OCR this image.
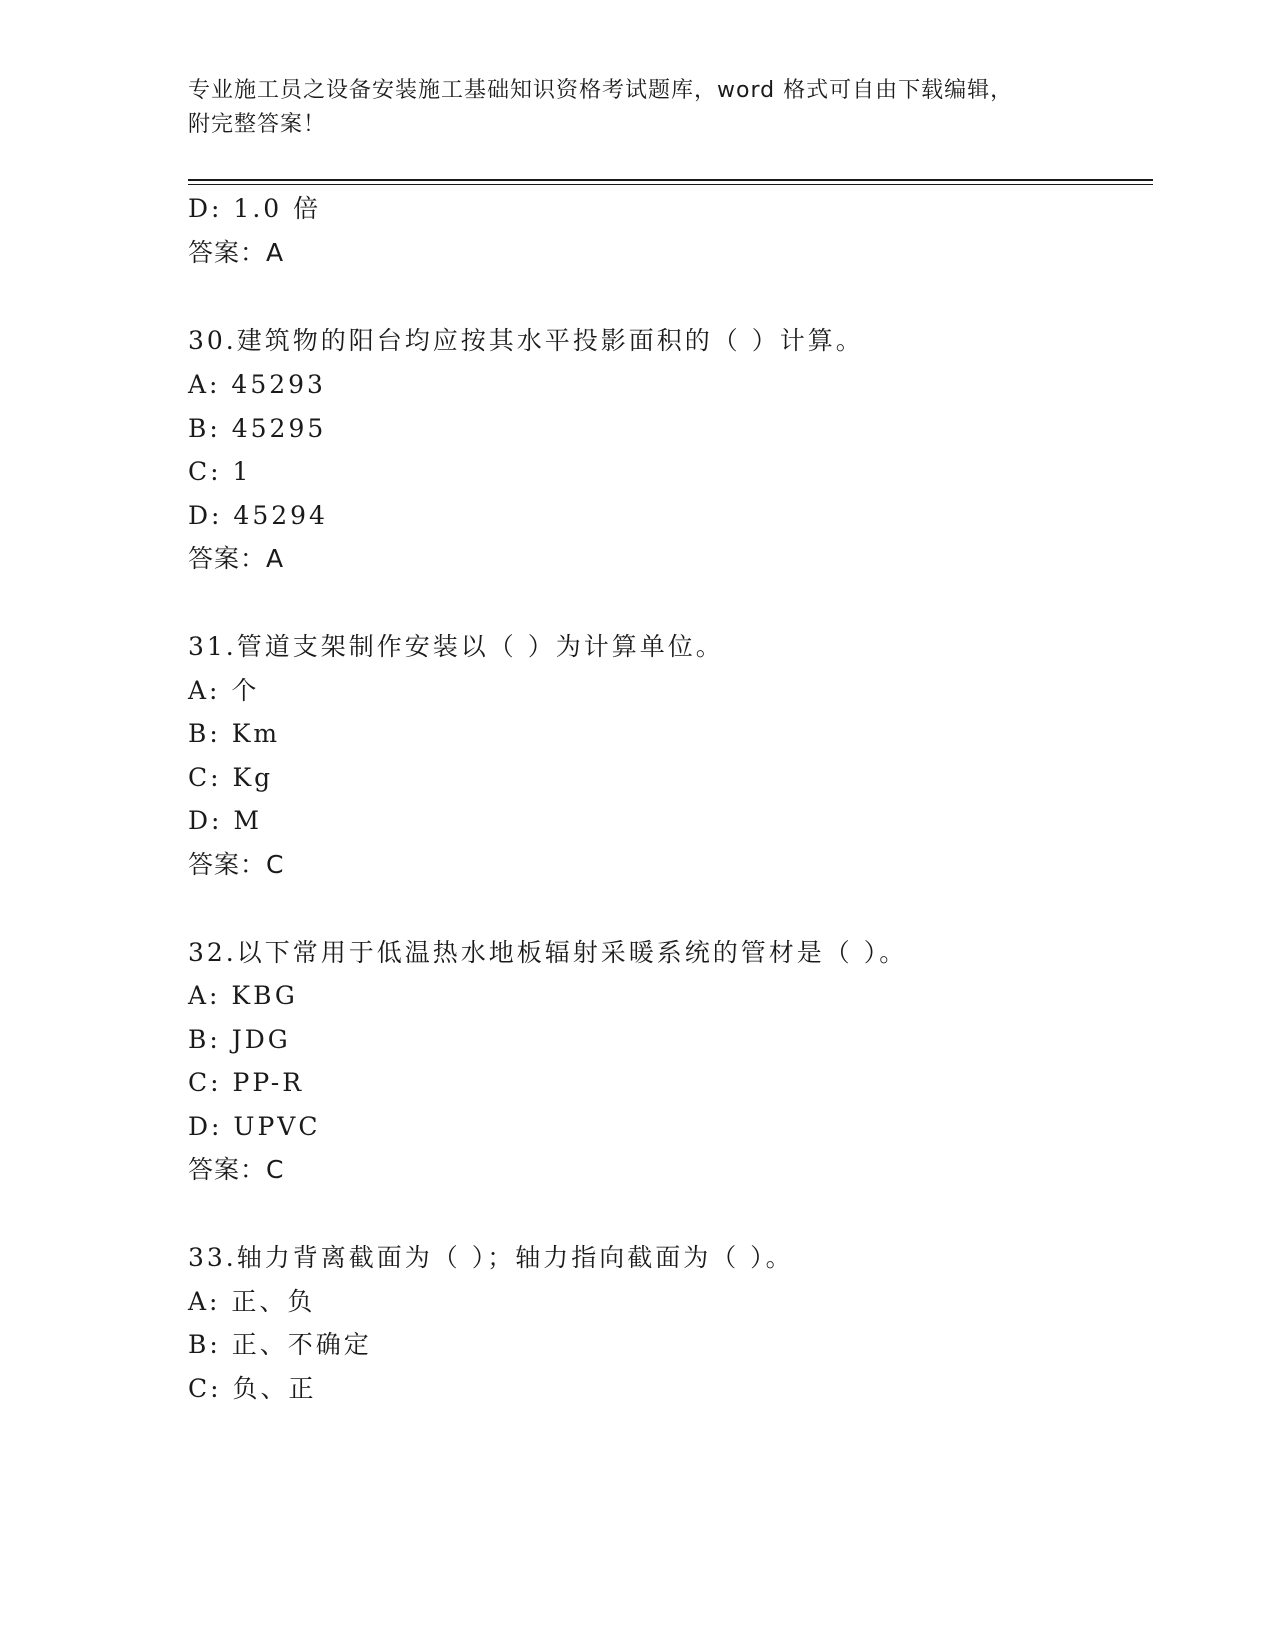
专业施工员之设备安装施工基础知识资格考试题库，word 格式可自由下载编辑，
附完整答案！
D: 1.0 倍
答案：A
30.建筑物的阳台均应按其水平投影面积的（ ）计算。
A: 45293
B: 45295
C: 1
D: 45294
答案：A
31.管道支架制作安装以（ ）为计算单位。
A: 个
B: Km
C: Kg
D: M
答案：C
32.以下常用于低温热水地板辐射采暖系统的管材是（ ）。
A: KBG
B: JDG
C: PP-R
D: UPVC
答案：C
33.轴力背离截面为（ ）；轴力指向截面为（ ）。
A: 正、负
B: 正、不确定
C: 负、正
